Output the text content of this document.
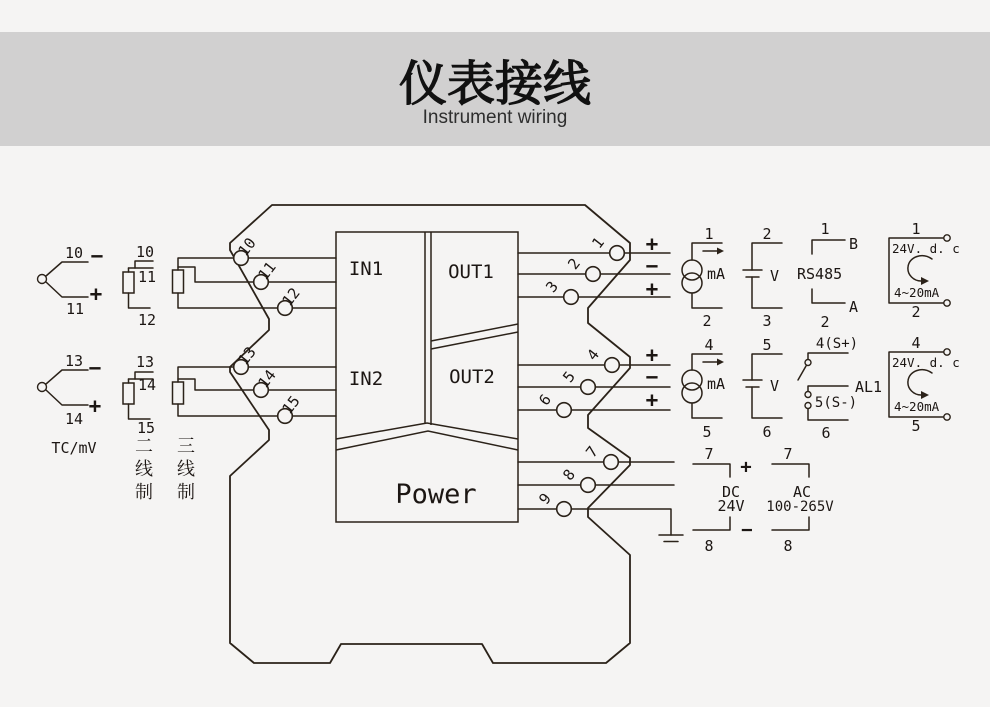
仪表接线
Instrument wiring
IN1	OUT1
IN2	OUT2
Power
10 −
+
11
13 −
+
14
TC/mV
10
11
12
13
14
15
二
线
制
三
线
制
+
−
+
+
−
+
1
mA
2
2
V
3
4
mA
5
5
V
6
1
B
RS485
A
2
1
24V. d. c
4~20mA
2
4
24V. d. c
4~20mA
5
4(S+)
5(S-)
AL1
6
7
+
DC
24V
−
8
7
AC
100-265V
8
10
11
12
13
14
15
1
2
3
4
5
6
7
8
9
